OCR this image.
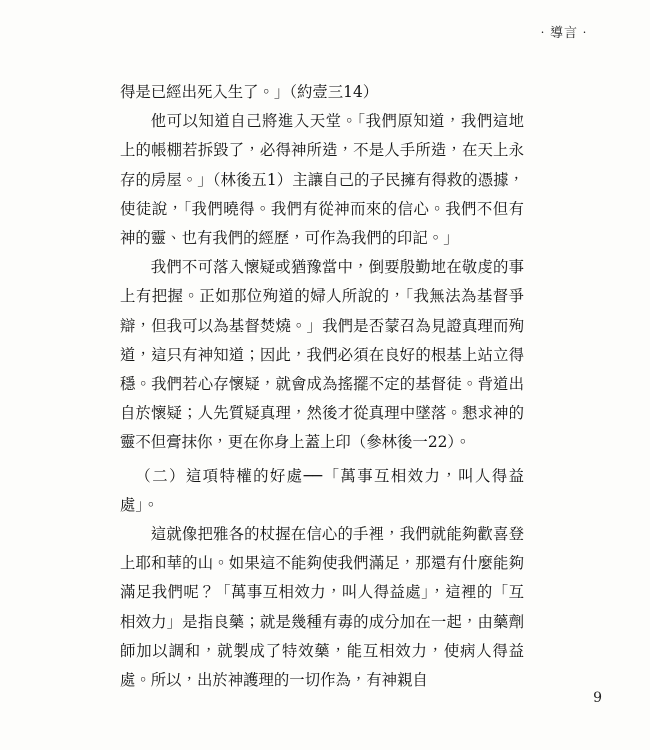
‧導言‧

得是已經出死入生了。」（約壹三14）

他可以知道自己將進入天堂。「我們原知道，我們這地上的帳棚若拆毀了，必得神所造，不是人手所造，在天上永存的房屋。」（林後五1）主讓自己的子民擁有得救的憑據，使徒說，「我們曉得。我們有從神而來的信心。我們不但有神的靈、也有我們的經歷，可作為我們的印記。」

我們不可落入懷疑或猶豫當中，倒要殷勤地在敬虔的事上有把握。正如那位殉道的婦人所說的，「我無法為基督爭辯，但我可以為基督焚燒。」我們是否蒙召為見證真理而殉道，這只有神知道；因此，我們必須在良好的根基上站立得穩。我們若心存懷疑，就會成為搖擺不定的基督徒。背道出自於懷疑；人先質疑真理，然後才從真理中墜落。懇求神的靈不但膏抹你，更在你身上蓋上印（參林後一22）。

（二）這項特權的好處──「萬事互相效力，叫人得益處」。

這就像把雅各的杖握在信心的手裡，我們就能夠歡喜登上耶和華的山。如果這不能夠使我們滿足，那還有什麼能夠滿足我們呢？「萬事互相效力，叫人得益處」，這裡的「互相效力」是指良藥；就是幾種有毒的成分加在一起，由藥劑師加以調和，就製成了特效藥，能互相效力，使病人得益處。所以，出於神護理的一切作為，有神親自

9
